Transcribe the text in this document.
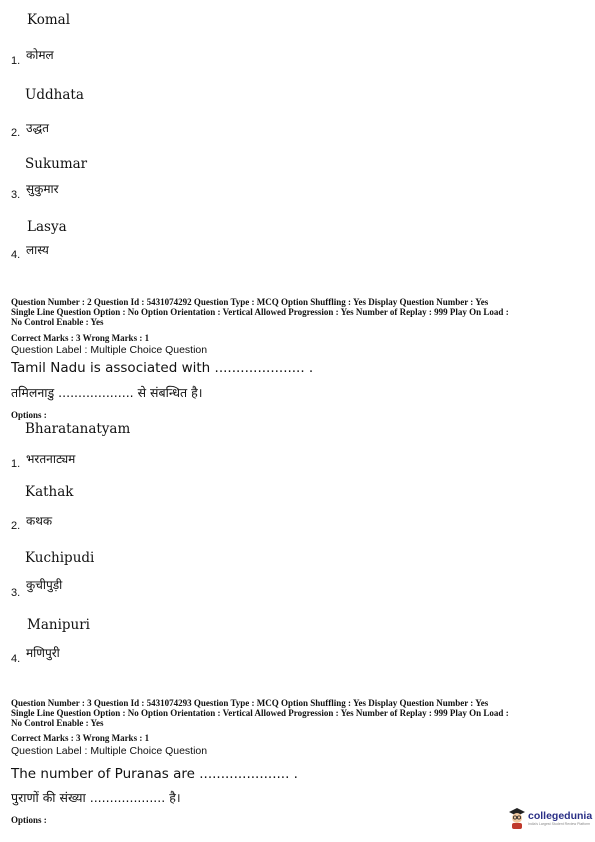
Komal
1. कोमल
Uddhata
2. उद्धत
Sukumar
3. सुकुमार
Lasya
4. लास्य
Question Number : 2 Question Id : 5431074292 Question Type : MCQ Option Shuffling : Yes Display Question Number : Yes
Single Line Question Option : No Option Orientation : Vertical Allowed Progression : Yes Number of Replay : 999 Play On Load :
No Control Enable : Yes
Correct Marks : 3 Wrong Marks : 1
Question Label : Multiple Choice Question
Tamil Nadu is associated with ..................... .
तमिलनाडु ................... से संबन्धित है।
Options :
Bharatanatyam
1. भरतनाट्यम
Kathak
2. कथक
Kuchipudi
3.
कुचीपुड़ी
Manipuri
4. मणिपुरी
Question Number : 3 Question Id : 5431074293 Question Type : MCQ Option Shuffling : Yes Display Question Number : Yes
Single Line Question Option : No Option Orientation : Vertical Allowed Progression : Yes Number of Replay : 999 Play On Load :
No Control Enable : Yes
Correct Marks : 3 Wrong Marks : 1
Question Label : Multiple Choice Question
The number of Puranas are ..................... .
पुराणों की संख्या ................... है।
Options :	collegedunia
India's Largest Student Review Platform
